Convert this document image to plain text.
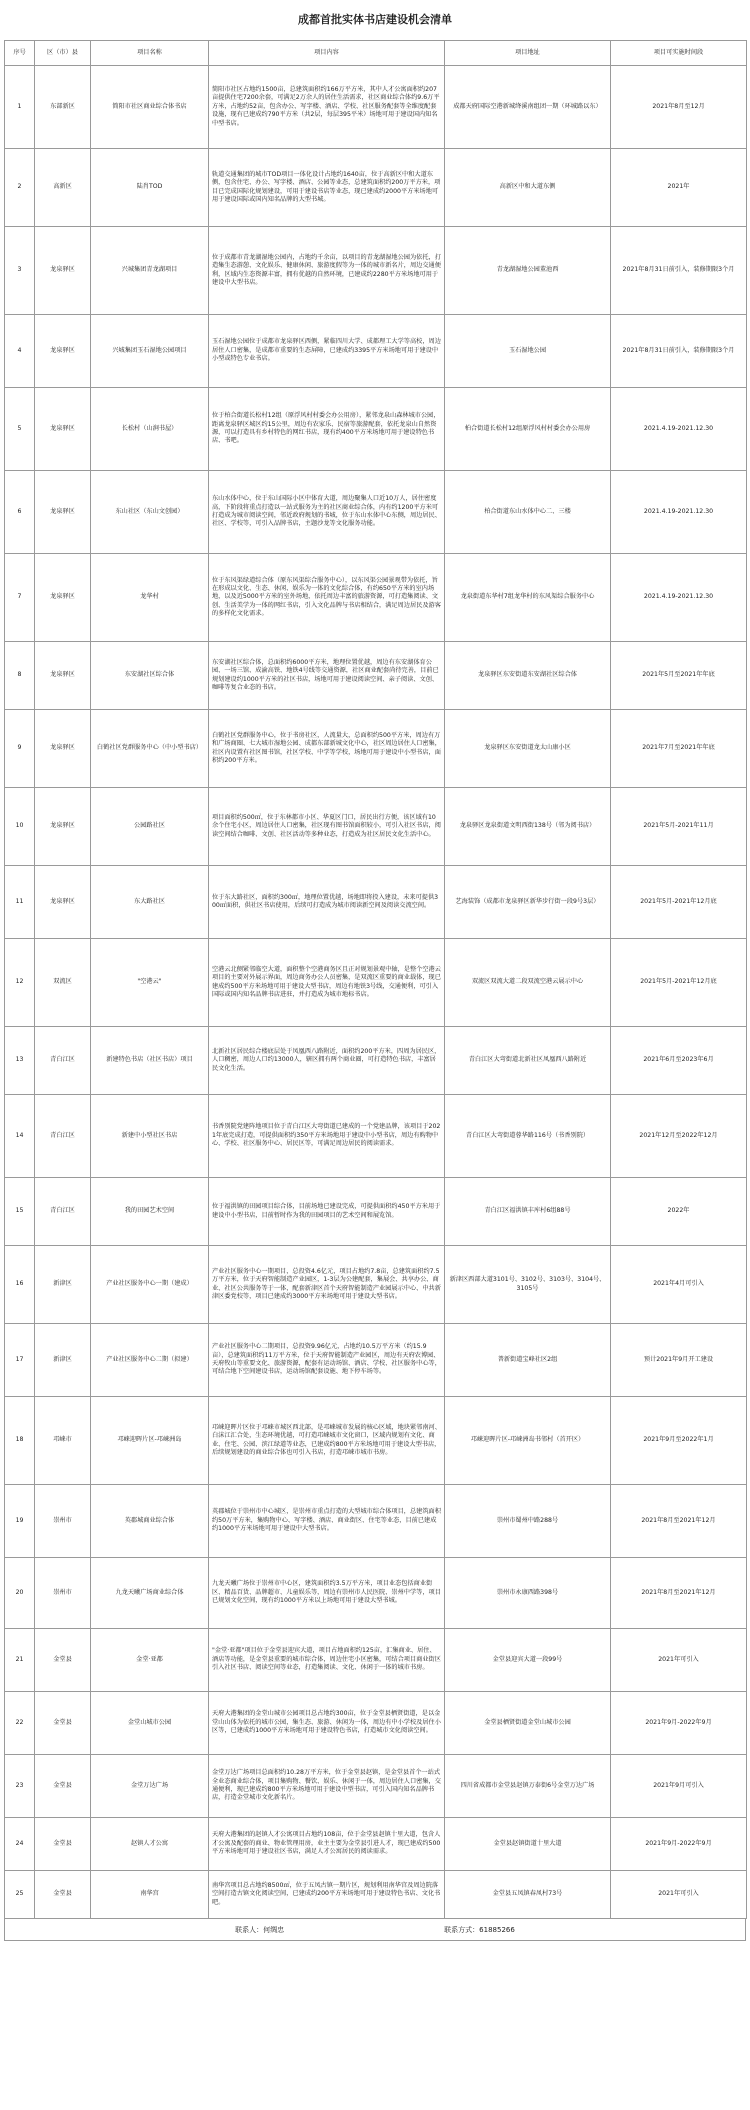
成都首批实体书店建设机会清单
序号	区（市）县	项目名称	项目内容	项目地址	项目可实施时间段
1	东部新区	简阳市社区商业综合体书店	简阳市社区占地约1500亩，总建筑面积约166万平方米，其中人才公寓面积约207 亩提供住宅7200余套，可满足2万余人的居住生活需求，社区商业综合体约9.6万平方米，占地约52亩，包含办公、写字楼、酒店、学校、社区服务配套等全维度配套设施，现有已建成约790平方米（共2层，每层395平米）场地可用于建设国内知名中型书店。	成都天府国际空港新城绛溪南组团一期（环城路以东）	2021年8月至12月
2	高新区	陆肖TOD	轨道交通集团的城市TOD项目一体化设计占地约1640亩，位于高新区中和大道东侧，包含住宅、办公、写字楼、酒店、公园等业态，总建筑面积约200万平方米，项目已完成国际化规划建设，可用于建设书店等业态，现已建成约2000平方米场地可用于建设国际或国内知名品牌的大型书城。	高新区中和大道东侧	2021年
3	龙泉驿区	兴城集团青龙湖项目	位于成都市青龙湖湿地公园内，占地约千余亩，以项目的青龙湖湿地公园为依托，打造集生态游憩、文化娱乐、健康休闲、旅游度假等为一体的城市新名片，周边交通便利，区域内生态资源丰富，拥有优越的自然环境，已建成约2280平方米场地可用于建设中大型书店。	青龙湖湿地公园董池西	2021年8月31日前引入，装修期限3个月
4	龙泉驿区	兴城集团玉石湿地公园项目	玉石湿地公园位于成都市龙泉驿区西侧，紧临四川大学、成都理工大学等高校，周边居住人口密集，是成都市重要的生态屏障，已建成约3395平方米场地可用于建设中小型或特色专业书店。	玉石湿地公园	2021年8月31日前引入，装修期限3个月
5	龙泉驿区	长松村（山涧书屋）	位于柏合街道长松村12组（原浮风村村委会办公用房），紧邻龙泉山森林城市公园，距离龙泉驿区城区约15公里，周边有农家乐、民宿等旅游配套，依托龙泉山自然资源，可以打造具有乡村特色的网红书店，现有约400平方米场地可用于建设特色书店、书吧。	柏合街道长松村12组原浮风村村委会办公用房	2021.4.19-2021.12.30
6	龙泉驿区	东山社区（东山文创园）	东山水体中心，位于东山国际小区中体育大道，周边聚集人口近10万人，居住密度高，下阶段将重点打造以一站式服务为主的社区商业综合体，内有约1200平方米可打造成为城市阅读空间，邻近政府规划的书城，位于东山水体中心东侧，周边居民、社区、学校等，可引入品牌书店，主题沙龙等文化服务功能。	柏合街道东山水体中心二、三楼	2021.4.19-2021.12.30
7	龙泉驿区	龙华村	位于东风渠绿道综合体（原东风渠综合服务中心），以东风渠公园景观带为依托，旨在形成以文化、生态、休闲、娱乐为一体的文化综合体，有约650平方米的室内场地，以及近5000平方米的室外场地，依托周边丰富的旅游资源，可打造集阅读、文创、生活美学为一体的网红书店，引入文化品牌与书店相结合，满足周边居民及游客的多样化文化需求。	龙泉街道东华村7组龙华村的东风渠综合服务中心	2021.4.19-2021.12.30
8	龙泉驿区	东安湖社区综合体	东安湖社区综合体，总面积约6000平方米，地理位置优越，周边有东安湖体育公园、一场三馆、成渝高铁、地铁4号线等交通资源，社区商业配套尚待完善，目前已规划建设约1000平方米的社区书店，场地可用于建设阅读空间、亲子阅读、文创、咖啡等复合业态的书店。	龙泉驿区东安街道东安湖社区综合体	2021年5月至2021年年底
9	龙泉驿区	白鹤社区党群服务中心（中小型书店）	白鹤社区党群服务中心，位于书房社区，人流量大，总面积约500平方米，周边有万和广场商圈、七大城市湿地公园、成都东部新城文化中心，社区周边居住人口密集，社区内设置有社区图书馆，社区学校、中学等学校，场地可用于建设中小型书店，面积约200平方米。	龙泉驿区东安街道龙太山康小区	2021年7月至2021年年底
10	龙泉驿区	公园路社区	项目面积约500㎡，位于东林都市小区、华夏区门口，居民出行方便，该区域有10余个住宅小区，周边居住人口密集，社区现有图书馆面积较小，可引入社区书店，阅读空间结合咖啡、文创、社区活动等多种业态，打造成为社区居民文化生活中心。	龙泉驿区龙泉街道文明西街138号（邻为阅书店）	2021年5月-2021年11月
11	龙泉驿区	东大路社区	位于东大路社区，面积约300㎡，地理位置优越，场地即将投入建设，未来可提供300㎡面积，供社区书店使用，后续可打造成为城市阅读新空间及阅读交流空间。	艺海装饰（成都市龙泉驿区新华步行街一段9号3层）	2021年5月-2021年12月底
12	双流区	"空港云"	空港云北侧紧邻临空大道，面积整个空港商务区且正对规划景观中轴，是整个空港云项目的主要对外展示界面，周边商务办公人员密集，是双流区重要的商业载体，现已建成约500平方米场地可用于建设大型书店，周边有地铁3号线，交通便利，可引入国际或国内知名品牌书店进驻，并打造成为城市地标书店。	双流区双流大道二段双流空港云展示中心	2021年5月-2021年12月底
13	青白江区	新建特色书店（社区书店）项目	北新社区居民综合楼底层处于凤凰西八路附近，面积约200平方米，四周为居民区，人口稠密，周边人口约13000人，辖区拥有两个商业圈，可打造特色书店，丰富居民文化生活。	青白江区大弯街道北新社区凤凰西八路附近	2021年6月至2023年6月
14	青白江区	新建中小型社区书店	书香别院党建阵地项目位于青白江区大弯街道已建成的一个党建品牌，该项目于2021年底完成打造，可提供面积约350平方米场地用于建设中小型书店，周边有购物中心、学校、社区服务中心、居民区等，可满足周边居民的阅读需求。	青白江区大弯街道蓉华路116号（书香别院）	2021年12月至2022年12月
15	青白江区	我的田园艺术空间	位于福洪镇的田园项目综合体，目前场地已建设完成，可提供面积约450平方米用于建设中小型书店，目前暂时作为我的田园项目的艺术空间和展览馆。	青白江区福洪镇丰库村6组88号	2022年
16	新津区	产业社区服务中心一期（建成）	产业社区服务中心一期项目，总投资4.6亿元，项目占地约7.8亩，总建筑面积约7.5万平方米，位于天府智能制造产业园区，1-3层为公建配套，集展会、共享办公、商业、社区公共服务等于一体，配套新津区首个天府智能制造产业园展示中心、中共新津区委党校等，项目已建成约3000平方米场地可用于建设大型书店。	新津区西部大道3101号、3102号、3103号、3104号、3105号	2021年4月可引入
17	新津区	产业社区服务中心二期（拟建）	产业社区服务中心二期项目，总投资9.96亿元，占地约10.5万平方米（约15.9亩），总建筑面积约11万平方米，位于天府智能制造产业园区，周边有天府农博园、天府牧山等重要文化、旅游资源，配套有运动场馆、酒店、学校、社区服务中心等，可结合地下空间建设书店，运动场馆配套设施、地下停车场等。	普新街道宝峰社区2组	预计2021年9月开工建设
18	邛崃市	邛崃迎晖片区-邛崃洲岛	邛崃迎晖片区位于邛崃市城区西北部，是邛崃城市发展的核心区域，地块紧邻南河、白沫江汇合处，生态环境优越，可打造邛崃城市文化窗口，区域内规划有文化、商业、住宅、公园、滨江绿道等业态，已建成约800平方米场地可用于建设大型书店，后续规划建设的商业综合体也可引入书店，打造邛崃市城市书房。	邛崃迎晖片区-邛崃洲岛书邻村（首开区）	2021年9月至2022年1月
19	崇州市	英郡城商业综合体	英郡城位于崇州市中心城区，是崇州市重点打造的大型城市综合体项目，总建筑面积约50万平方米，集购物中心、写字楼、酒店、商业街区、住宅等业态，目前已建成约1000平方米场地可用于建设中大型书店。	崇州市蜀州中路288号	2021年8月至2021年12月
20	崇州市	九龙天曦广场商业综合体	九龙天曦广场位于崇州市中心区，建筑面积约3.5万平方米，项目业态包括商业街区、精品百货、品牌超市、儿童娱乐等，周边有崇州市人民医院、崇州中学等，项目已规划文化空间，现有约1000平方米以上场地可用于建设大型书城。	崇州市永康西路398号	2021年8月至2021年12月
21	金堂县	金堂·亚都	"金堂·亚都"项目位于金堂县迎宾大道，项目占地面积约125亩，汇集商业、居住、酒店等功能，是金堂县重要的城市综合体，周边住宅小区密集，可结合项目商业街区引入社区书店、阅读空间等业态，打造集阅读、文化、休闲于一体的城市书房。	金堂县迎宾大道一段99号	2021年可引入
22	金堂县	金堂山城市公园	天府大港集团的金堂山城市公园项目总占地约300亩，位于金堂县栖贤街道，是以金堂山山体为依托的城市公园，集生态、旅游、休闲为一体，周边有中小学校及居住小区等，已建成约1000平方米场地可用于建设特色书店，打造城市文化阅读空间。	金堂县栖贤街道金堂山城市公园	2021年9月-2022年9月
23	金堂县	金堂万达广场	金堂万达广场项目总面积约10.28万平方米，位于金堂县赵镇，是金堂县首个一站式全业态商业综合体，项目集购物、餐饮、娱乐、休闲于一体，周边居住人口密集，交通便利，现已建成约800平方米场地可用于建设中型书店，可引入国内知名品牌书店，打造金堂城市文化新名片。	四川省成都市金堂县赵镇万泰街6号金堂万达广场	2021年9月可引入
24	金堂县	赵镇人才公寓	天府大港集团的赵镇人才公寓项目占地约108亩，位于金堂县赵镇十里大道，包含人才公寓及配套的商业、物业管理用房，业主主要为金堂县引进人才，现已建成约500平方米场地可用于建设社区书店，满足人才公寓居民的阅读需求。	金堂县赵镇街道十里大道	2021年9月-2022年9月
25	金堂县	南华宫	南华宫项目总占地约8500㎡，位于五凤古镇一期片区，规划利用南华宫及周边院落空间打造古镇文化阅读空间，已建成约200平方米场地可用于建设特色书店、文化书吧。	金堂县五凤镇春凤村73号	2021年可引入
联系人：何绸忠	联系方式：61885266
